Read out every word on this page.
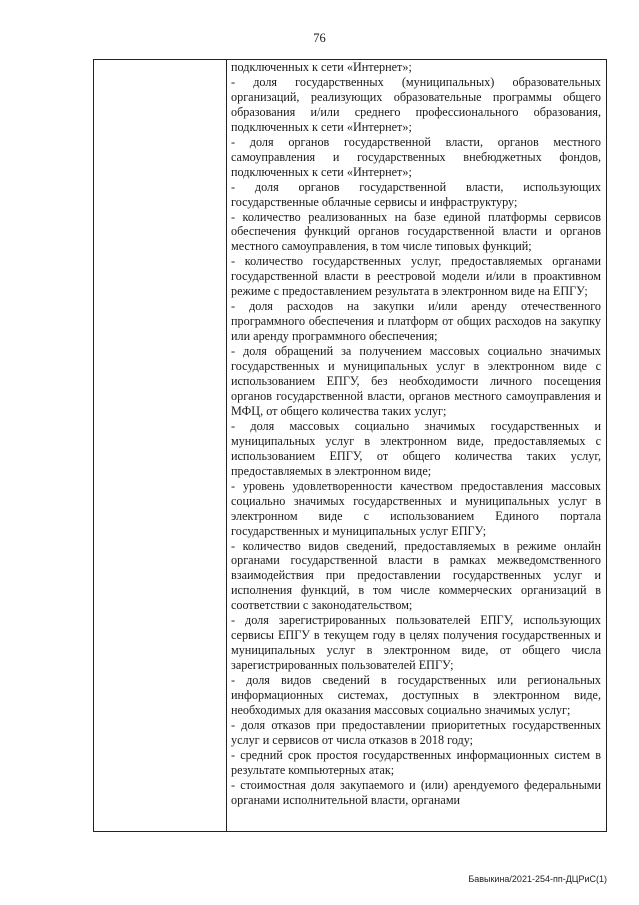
76

подключенных к сети «Интернет»;

- доля государственных (муниципальных) образовательных организаций, реализующих образовательные программы общего образования и/или среднего профессионального образования, подключенных к сети «Интернет»;

- доля органов государственной власти, органов местного самоуправления и государственных внебюджетных фондов, подключенных к сети «Интернет»;

- доля органов государственной власти, использующих государственные облачные сервисы и инфраструктуру;

- количество реализованных на базе единой платформы сервисов обеспечения функций органов государственной власти и органов местного самоуправления, в том числе типовых функций;

- количество государственных услуг, предоставляемых органами государственной власти в реестровой модели и/или в проактивном режиме с предоставлением результата в электронном виде на ЕПГУ;

- доля расходов на закупки и/или аренду отечественного программного обеспечения и платформ от общих расходов на закупку или аренду программного обеспечения;

- доля обращений за получением массовых социально значимых государственных и муниципальных услуг в электронном виде с использованием ЕПГУ, без необходимости личного посещения органов государственной власти, органов местного самоуправления и МФЦ, от общего количества таких услуг;

- доля массовых социально значимых государственных и муниципальных услуг в электронном виде, предоставляемых с использованием ЕПГУ, от общего количества таких услуг, предоставляемых в электронном виде;

- уровень удовлетворенности качеством предоставления массовых социально значимых государственных и муниципальных услуг в электронном виде с использованием Единого портала государственных и муниципальных услуг ЕПГУ;

- количество видов сведений, предоставляемых в режиме онлайн органами государственной власти в рамках межведомственного взаимодействия при предоставлении государственных услуг и исполнения функций, в том числе коммерческих организаций в соответствии с законодательством;

- доля зарегистрированных пользователей ЕПГУ, использующих сервисы ЕПГУ в текущем году в целях получения государственных и муниципальных услуг в электронном виде, от общего числа зарегистрированных пользователей ЕПГУ;

- доля видов сведений в государственных или региональных информационных системах, доступных в электронном виде, необходимых для оказания массовых социально значимых услуг;

- доля отказов при предоставлении приоритетных государственных услуг и сервисов от числа отказов в 2018 году;

- средний срок простоя государственных информационных систем в результате компьютерных атак;

- стоимостная доля закупаемого и (или) арендуемого федеральными органами исполнительной власти, органами

Бавыкина/2021-254-пп-ДЦРиС(1)
